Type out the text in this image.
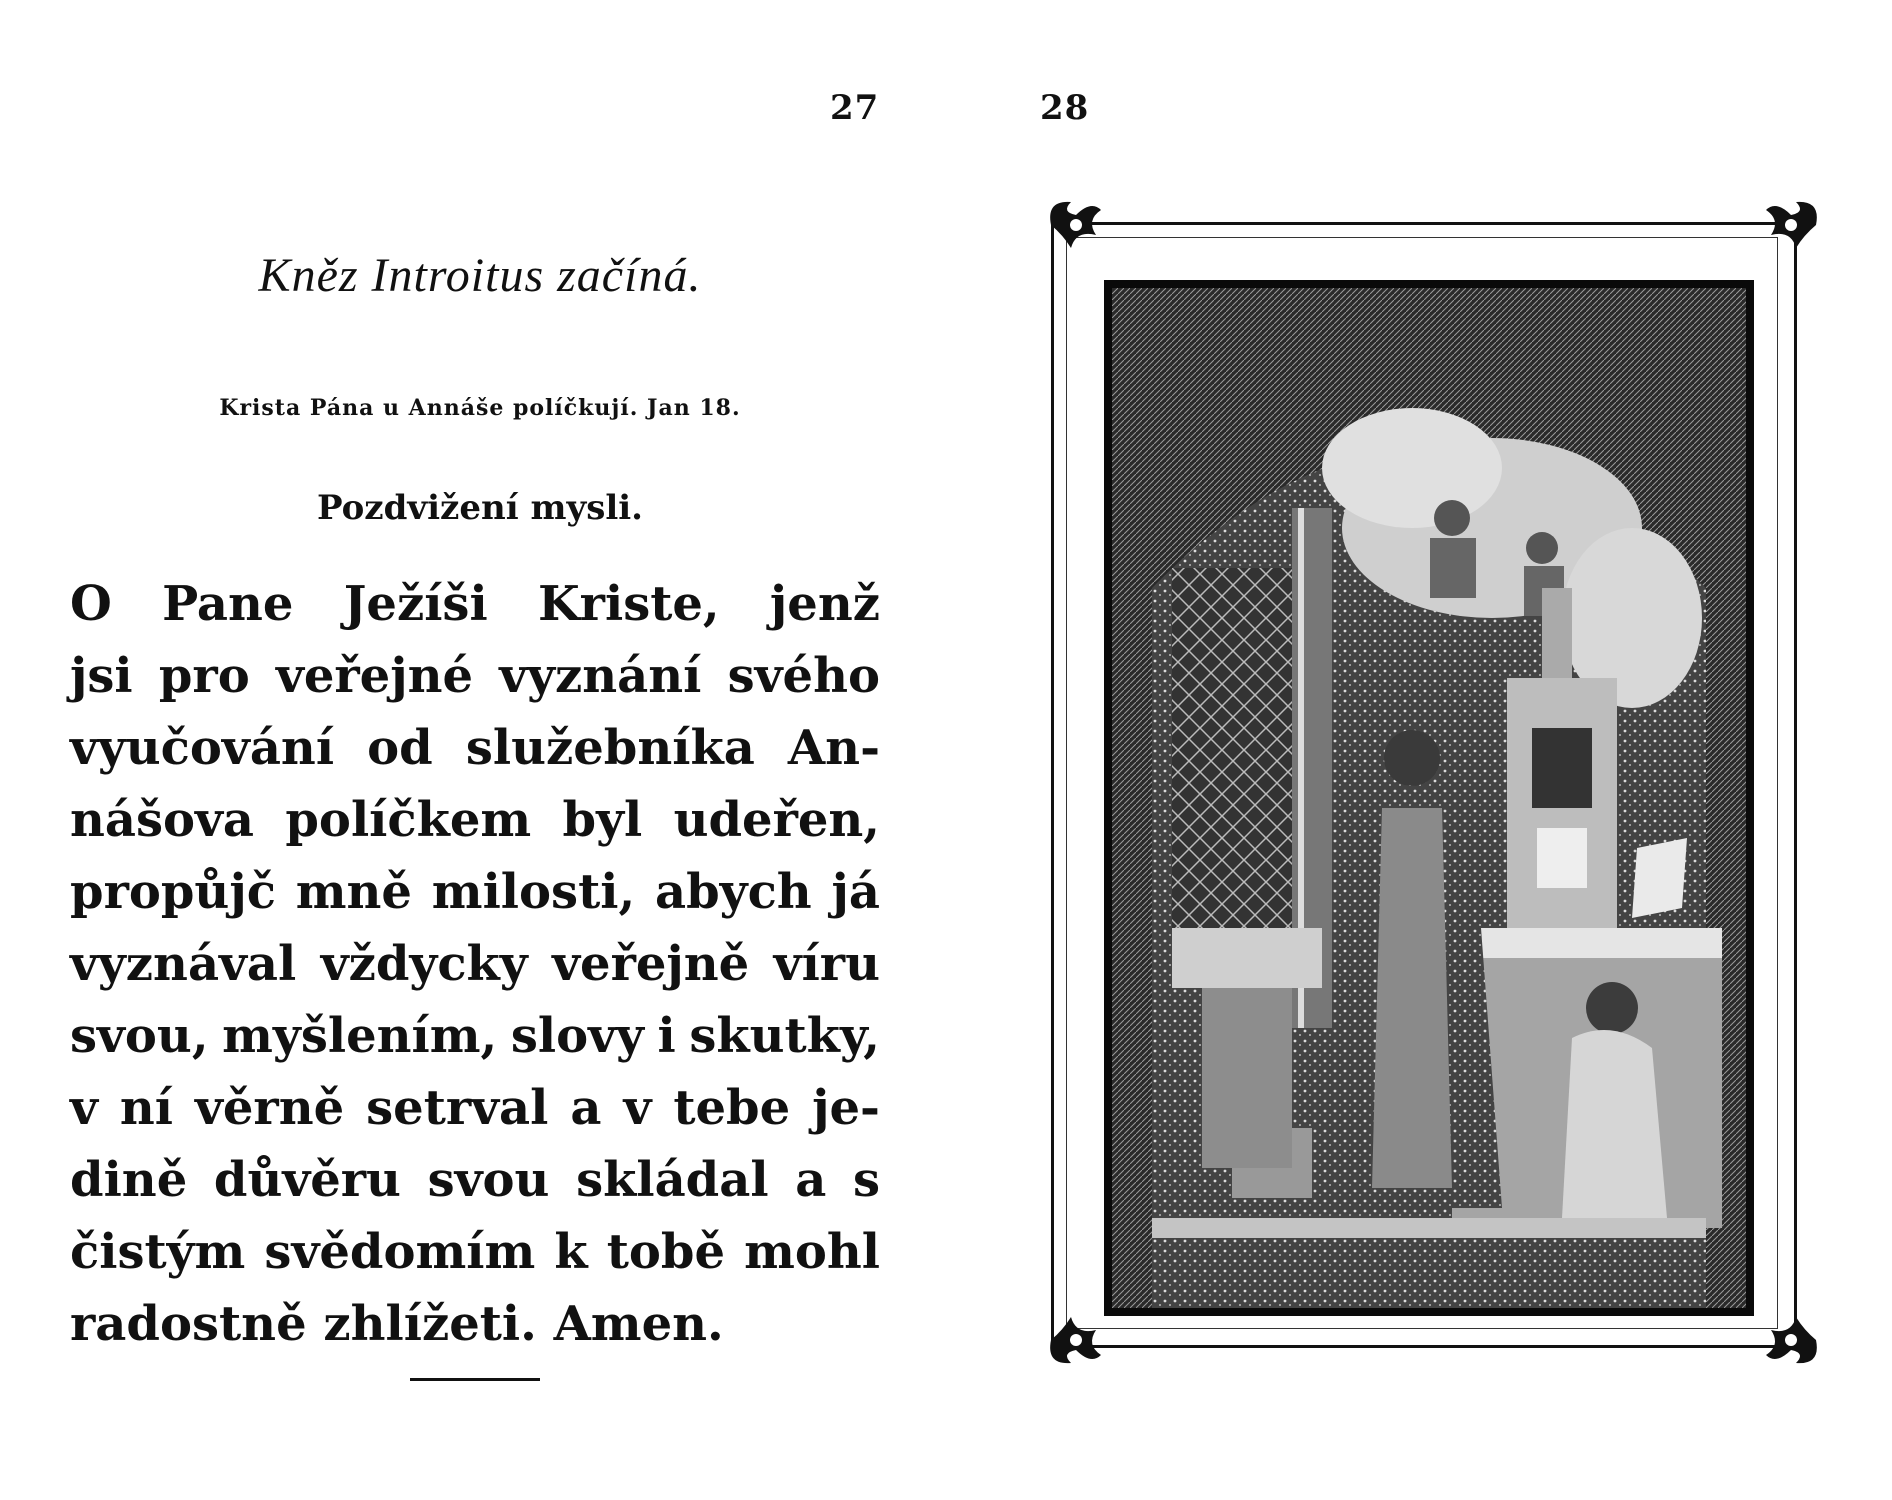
27
Kněz Introitus začíná.
Krista Pána u Annáše políčkují. Jan 18.
Pozdvižení mysli.
O Pane Ježíši Kriste, jenž
jsi pro veřejné vyznání svého
vyučování od služebníka An-
nášova políčkem byl udeřen,
propůjč mně milosti, abych já
vyznával vždycky veřejně víru
svou, myšlením, slovy i skutky,
v ní věrně setrval a v tebe je-
dině důvěru svou skládal a s
čistým svědomím k tobě mohl
radostně zhlížeti. Amen.
28
